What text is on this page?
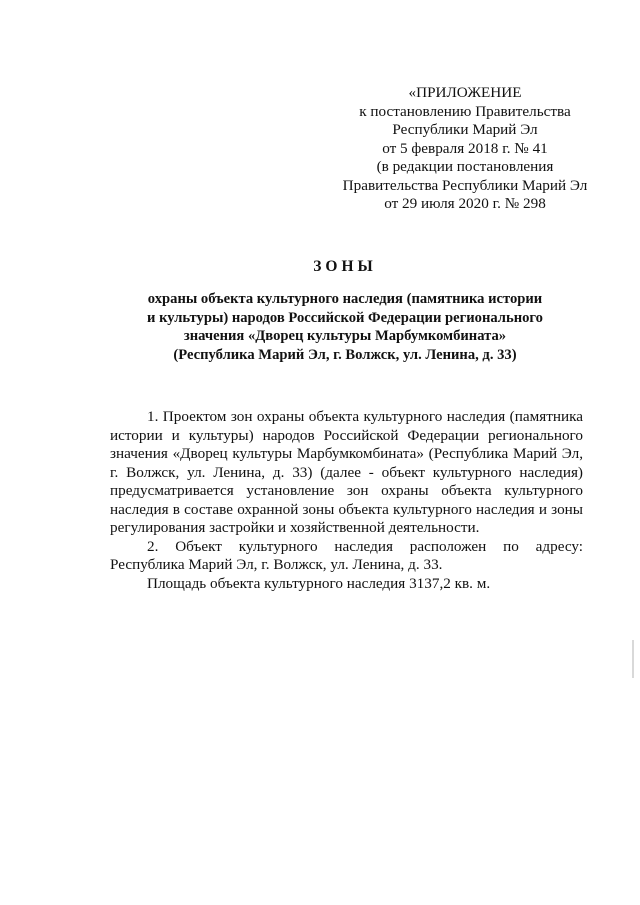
«ПРИЛОЖЕНИЕ
к постановлению Правительства
Республики Марий Эл
от 5 февраля 2018 г. № 41
(в редакции постановления
Правительства Республики Марий Эл
от 29 июля 2020 г. № 298
ЗОНЫ
охраны объекта культурного наследия (памятника истории
и культуры) народов Российской Федерации регионального
значения «Дворец культуры Марбумкомбината»
(Республика Марий Эл, г. Волжск, ул. Ленина, д. 33)

1. Проектом зон охраны объекта культурного наследия (памятника истории и культуры) народов Российской Федерации регионального значения «Дворец культуры Марбумкомбината» (Республика Марий Эл, г. Волжск, ул. Ленина, д. 33) (далее - объект культурного наследия) предусматривается установление зон охраны объекта культурного наследия в составе охранной зоны объекта культурного наследия и зоны регулирования застройки и хозяйственной деятельности.

2. Объект культурного наследия расположен по адресу: Республика Марий Эл, г. Волжск, ул. Ленина, д. 33.

Площадь объекта культурного наследия 3137,2 кв. м.
